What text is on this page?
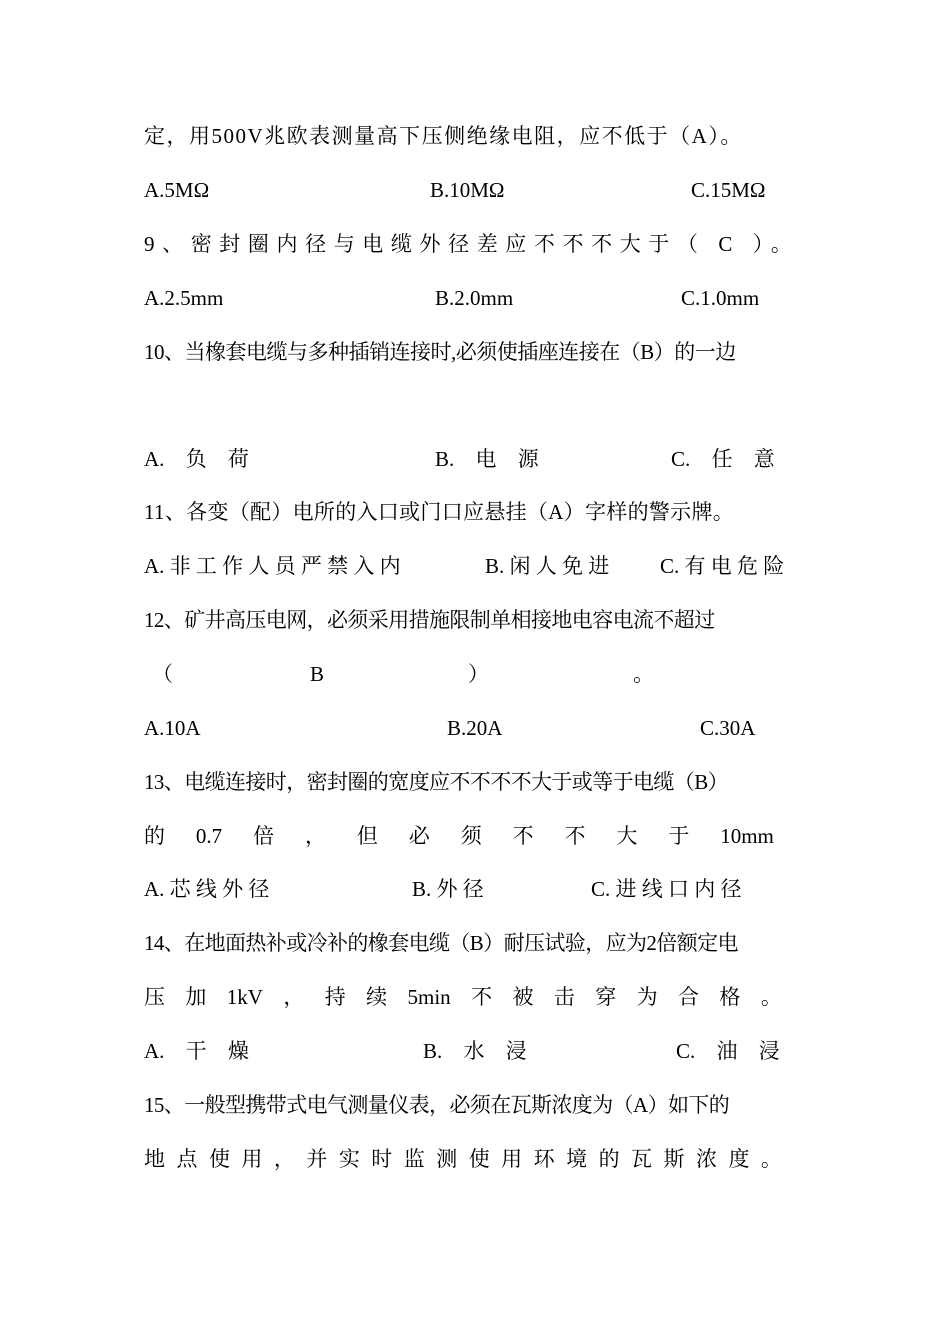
定，用500V兆欧表测量高下压侧绝缘电阻，应不低于（A）。
A.5MΩ	B.10MΩ	C.15MΩ
9、密封圈内径与电缆外径差应不不不大于（ C ）。
A.2.5mm	B.2.0mm	C.1.0mm
10、当橡套电缆与多种插销连接时,必须使插座连接在（B）的一边
A. 负 荷	B. 电 源	C. 任 意
11、各变（配）电所的入口或门口应悬挂（A）字样的警示牌。
A. 非 工 作 人 员 严 禁 入 内	B. 闲 人 免 进 C. 有 电 危 险
12、矿井高压电网，必须采用措施限制单相接地电容电流不超过
（	B	）	。
A.10A	B.20A	C.30A
13、电缆连接时，密封圈的宽度应不不不不大于或等于电缆（B）
的 0.7 倍 ， 但 必 须 不 不 大 于 10mm
A. 芯 线 外 径	B. 外 径	C. 进 线 口 内 径
14、在地面热补或冷补的橡套电缆（B）耐压试验，应为2倍额定电
压 加 1kV ， 持 续 5min 不 被 击 穿 为 合 格 。
A. 干 燥	B. 水 浸	C. 油 浸
15、一般型携带式电气测量仪表，必须在瓦斯浓度为（A）如下的
地 点 使 用 ， 并 实 时 监 测 使 用 环 境 的 瓦 斯 浓 度 。
